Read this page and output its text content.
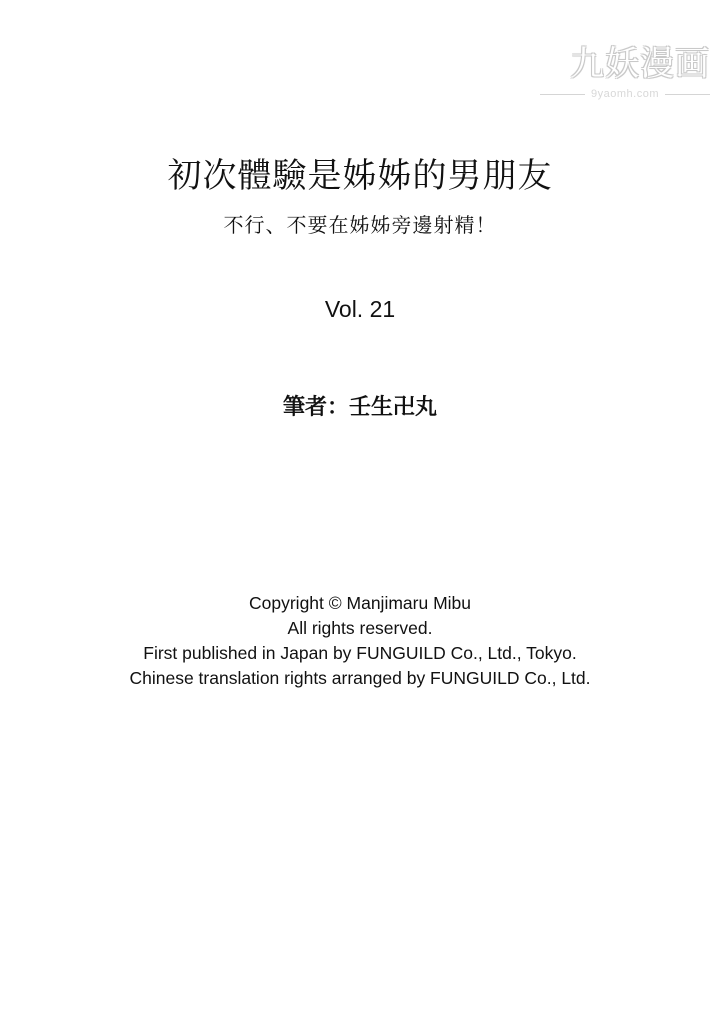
九妖漫画
9yaomh.com
初次體驗是姊姊的男朋友
不行、不要在姊姊旁邊射精！
Vol. 21
筆者：壬生卍丸
Copyright © Manjimaru Mibu
All rights reserved.
First published in Japan by FUNGUILD Co., Ltd., Tokyo.
Chinese translation rights arranged by FUNGUILD Co., Ltd.
